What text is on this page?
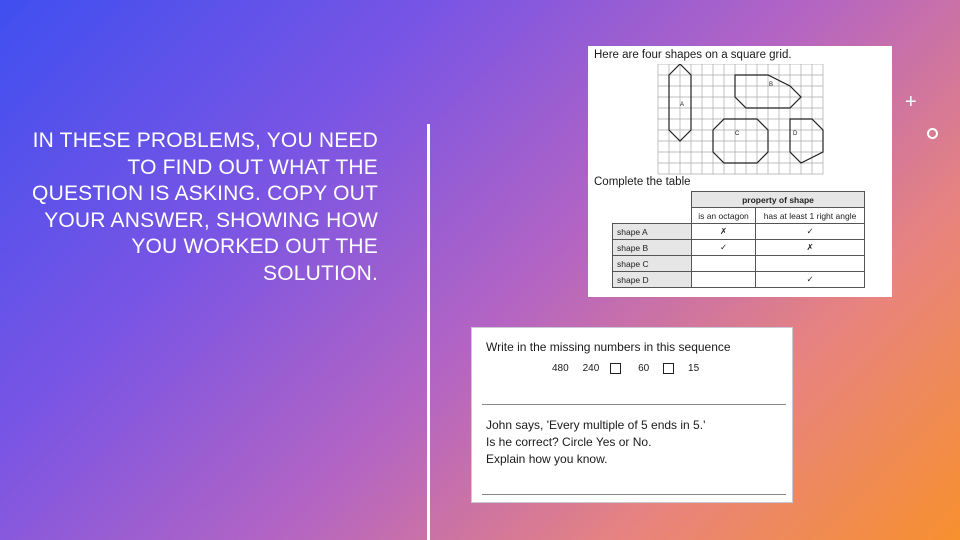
IN THESE PROBLEMS, YOU NEED TO FIND OUT WHAT THE QUESTION IS ASKING. COPY OUT YOUR ANSWER, SHOWING HOW YOU WORKED OUT THE SOLUTION.
+
Here are four shapes on a square grid.
A
B
C	D
Complete the table
	property of shape	
	is an octagon	has at least 1 right angle
shape A	✗	✓
shape B	✓	✗
shape C		
shape D		✓
Write in the missing numbers in this sequence
480 240	60	15
John says, 'Every multiple of 5 ends in 5.'
Is he correct? Circle Yes or No.
Explain how you know.
